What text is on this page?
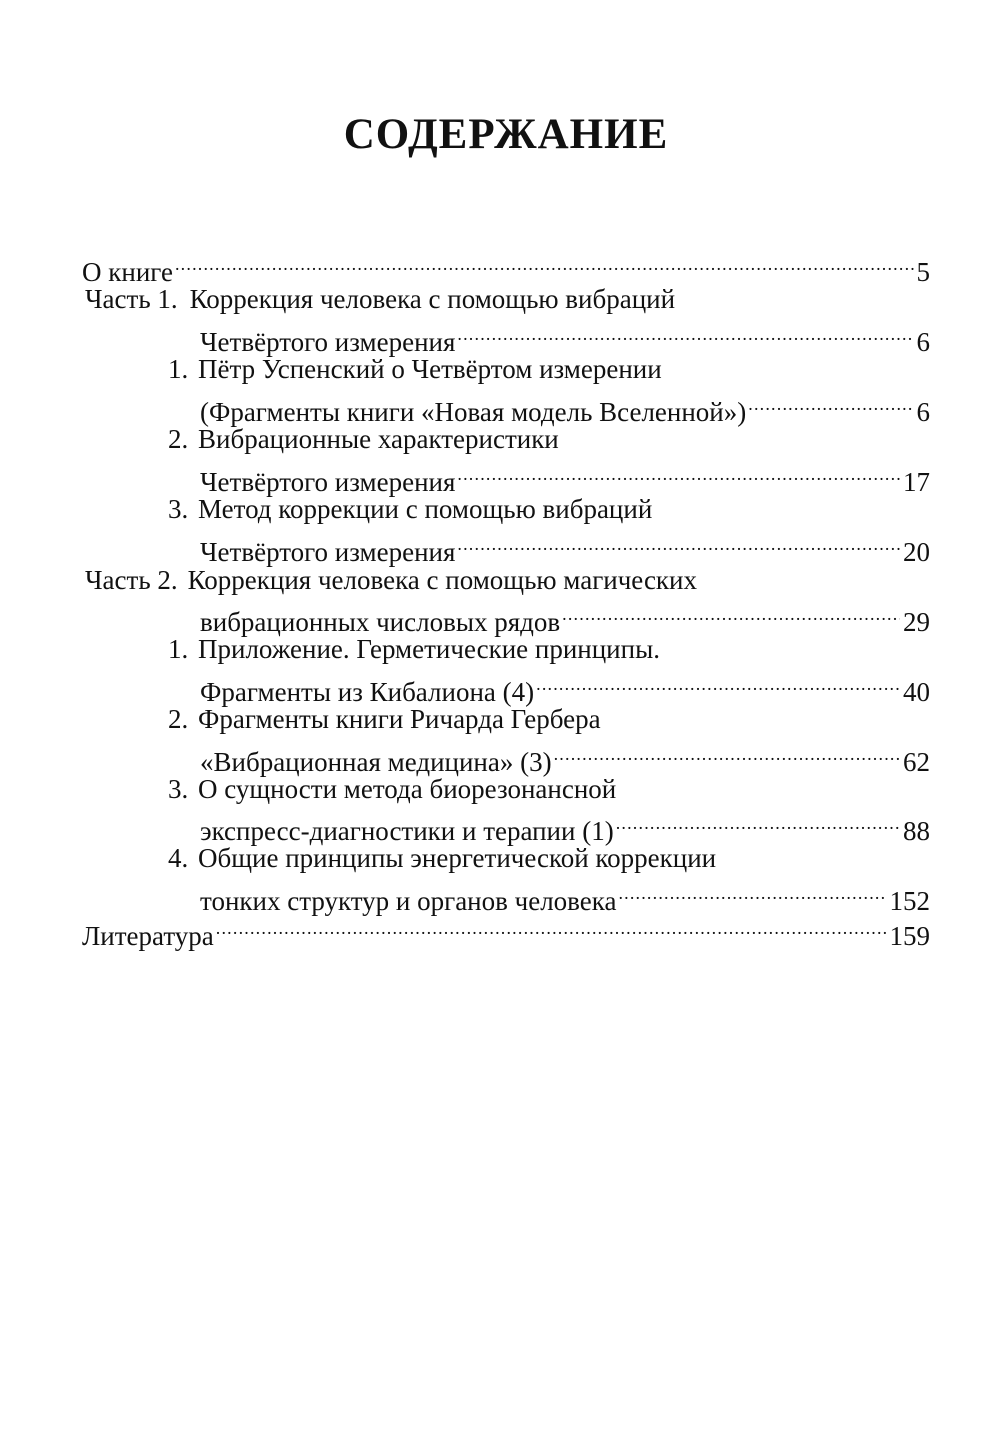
СОДЕРЖАНИЕ
О книге .....	5
Часть 1. Коррекция человека с помощью вибраций
Четвёртого измерения .....	6
1. Пётр Успенский о Четвёртом измерении
(Фрагменты книги «Новая модель Вселенной») .....	6
2. Вибрационные характеристики
Четвёртого измерения .....	17
3. Метод коррекции с помощью вибраций
Четвёртого измерения .....	20
Часть 2. Коррекция человека с помощью магических
вибрационных числовых рядов .....	29
1. Приложение. Герметические принципы.
Фрагменты из Кибалиона (4) .....	40
2. Фрагменты книги Ричарда Гербера
«Вибрационная медицина» (3) .....	62
3. О сущности метода биорезонансной
экспресс-диагностики и терапии (1) .....	88
4. Общие принципы энергетической коррекции
тонких структур и органов человека .....	152
Литература .....	159
